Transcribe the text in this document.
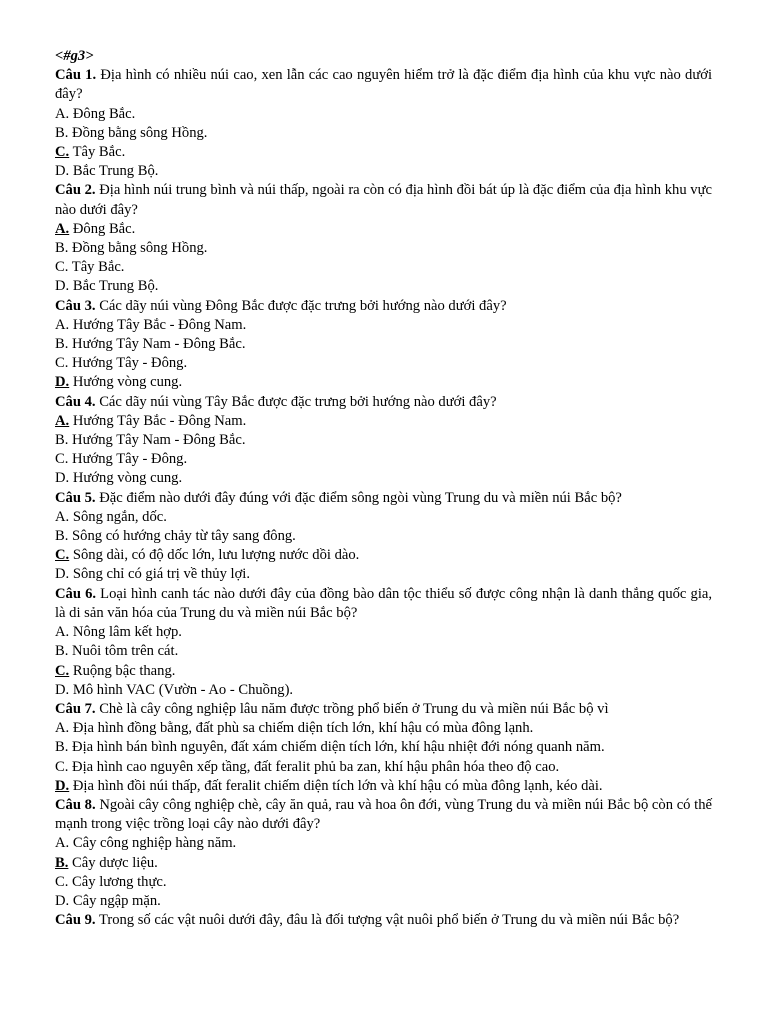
<#g3>
Câu 1. Địa hình có nhiều núi cao, xen lẫn các cao nguyên hiểm trở là đặc điểm địa hình của khu vực nào dưới đây?
A. Đông Bắc.
B. Đồng bằng sông Hồng.
C. Tây Bắc.
D. Bắc Trung Bộ.
Câu 2. Địa hình núi trung bình và núi thấp, ngoài ra còn có địa hình đồi bát úp là đặc điểm của địa hình khu vực nào dưới đây?
A. Đông Bắc.
B. Đồng bằng sông Hồng.
C. Tây Bắc.
D. Bắc Trung Bộ.
Câu 3. Các dãy núi vùng Đông Bắc được đặc trưng bởi hướng nào dưới đây?
A. Hướng Tây Bắc - Đông Nam.
B. Hướng Tây Nam - Đông Bắc.
C. Hướng Tây - Đông.
D. Hướng vòng cung.
Câu 4. Các dãy núi vùng Tây Bắc được đặc trưng bởi hướng nào dưới đây?
A. Hướng Tây Bắc - Đông Nam.
B. Hướng Tây Nam - Đông Bắc.
C. Hướng Tây - Đông.
D. Hướng vòng cung.
Câu 5. Đặc điểm nào dưới đây đúng với đặc điểm sông ngòi vùng Trung du và miền núi Bắc bộ?
A. Sông ngắn, dốc.
B. Sông có hướng chảy từ tây sang đông.
C. Sông dài, có độ dốc lớn, lưu lượng nước dồi dào.
D. Sông chỉ có giá trị về thủy lợi.
Câu 6. Loại hình canh tác nào dưới đây của đồng bào dân tộc thiểu số được công nhận là danh thắng quốc gia, là di sản văn hóa của Trung du và miền núi Bắc bộ?
A. Nông lâm kết hợp.
B. Nuôi tôm trên cát.
C. Ruộng bậc thang.
D. Mô hình VAC (Vườn - Ao - Chuồng).
Câu 7. Chè là cây công nghiệp lâu năm được trồng phổ biến ở Trung du và miền núi Bắc bộ vì
A. Địa hình đồng bằng, đất phù sa chiếm diện tích lớn, khí hậu có mùa đông lạnh.
B. Địa hình bán bình nguyên, đất xám chiếm diện tích lớn, khí hậu nhiệt đới nóng quanh năm.
C. Địa hình cao nguyên xếp tầng, đất feralit phủ ba zan, khí hậu phân hóa theo độ cao.
D. Địa hình đồi núi thấp, đất feralit chiếm diện tích lớn và khí hậu có mùa đông lạnh, kéo dài.
Câu 8. Ngoài cây công nghiệp chè, cây ăn quả, rau và hoa ôn đới, vùng Trung du và miền núi Bắc bộ còn có thế mạnh trong việc trồng loại cây nào dưới đây?
A. Cây công nghiệp hàng năm.
B. Cây dược liệu.
C. Cây lương thực.
D. Cây ngập mặn.
Câu 9. Trong số các vật nuôi dưới đây, đâu là đối tượng vật nuôi phổ biến ở Trung du và miền núi Bắc bộ?
